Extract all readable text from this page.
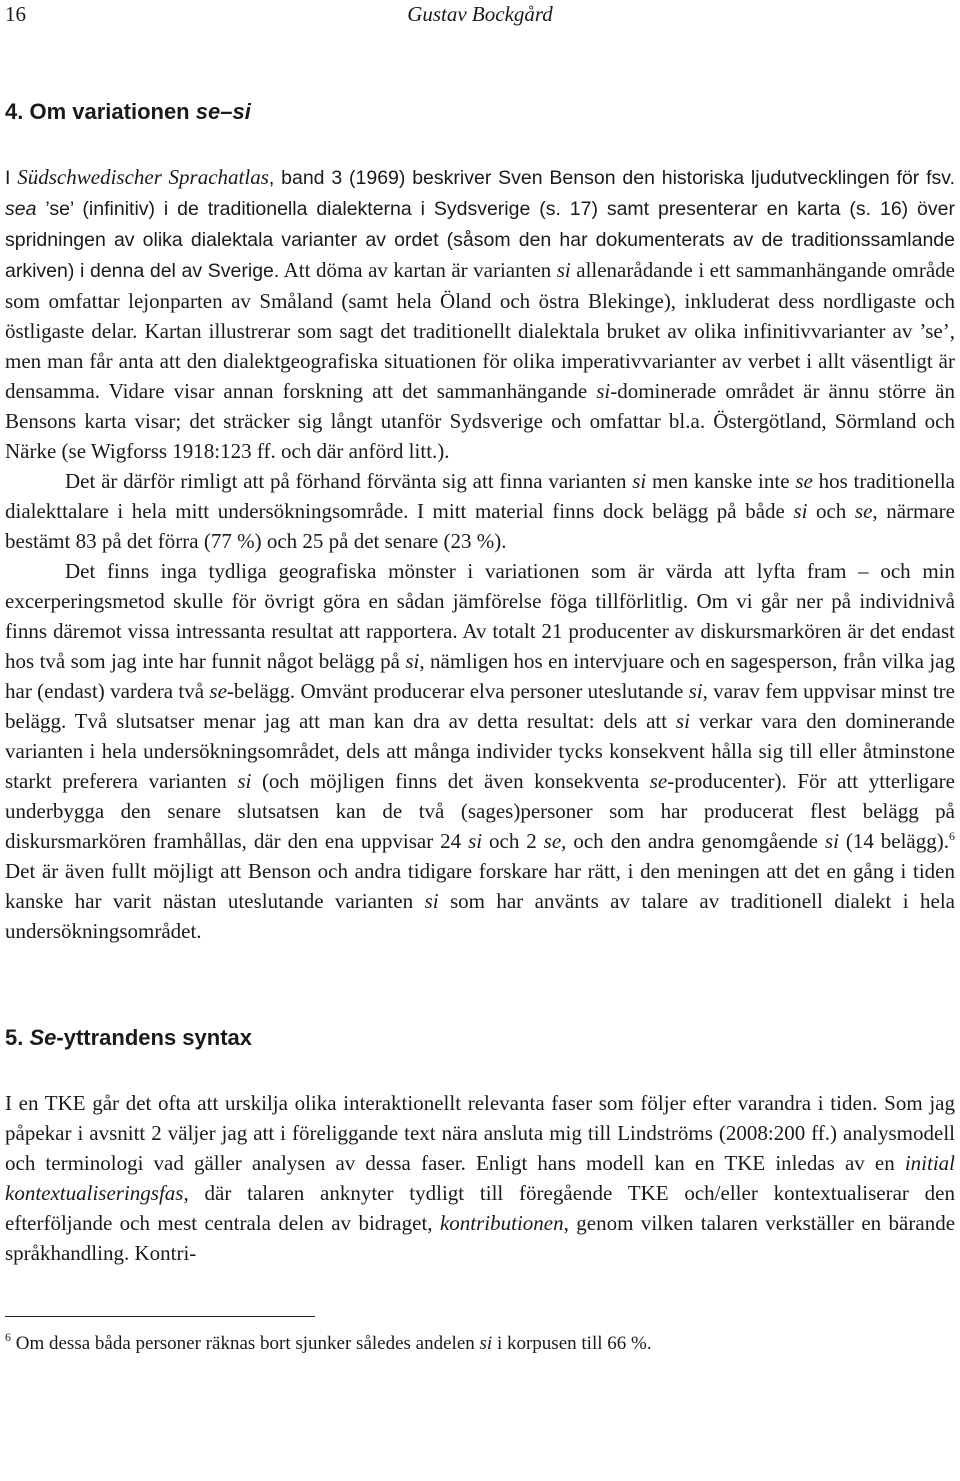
16	Gustav Bockgård
4. Om variationen se–si

I Südschwedischer Sprachatlas, band 3 (1969) beskriver Sven Benson den historiska ljudutvecklingen för fsv. sea ’se’ (infinitiv) i de traditionella dialekterna i Sydsverige (s. 17) samt presenterar en karta (s. 16) över spridningen av olika dialektala varianter av ordet (såsom den har dokumenterats av de traditionssamlande arkiven) i denna del av Sverige. Att döma av kartan är varianten si allenarådande i ett sammanhängande område som omfattar lejonparten av Småland (samt hela Öland och östra Blekinge), inkluderat dess nordligaste och östligaste delar. Kartan illustrerar som sagt det traditionellt dialektala bruket av olika infinitivvarianter av ’se’, men man får anta att den dialektgeografiska situationen för olika imperativvarianter av verbet i allt väsentligt är densamma. Vidare visar annan forskning att det sammanhängande si-dominerade området är ännu större än Bensons karta visar; det sträcker sig långt utanför Sydsverige och omfattar bl.a. Östergötland, Sörmland och Närke (se Wigforss 1918:123 ff. och där anförd litt.).

Det är därför rimligt att på förhand förvänta sig att finna varianten si men kanske inte se hos traditionella dialekttalare i hela mitt undersökningsområde. I mitt material finns dock belägg på både si och se, närmare bestämt 83 på det förra (77 %) och 25 på det senare (23 %).

Det finns inga tydliga geografiska mönster i variationen som är värda att lyfta fram – och min excerperingsmetod skulle för övrigt göra en sådan jämförelse föga tillförlitlig. Om vi går ner på individnivå finns däremot vissa intressanta resultat att rapportera. Av totalt 21 producenter av diskursmarkören är det endast hos två som jag inte har funnit något belägg på si, nämligen hos en intervjuare och en sagesperson, från vilka jag har (endast) vardera två se-belägg. Omvänt producerar elva personer uteslutande si, varav fem uppvisar minst tre belägg. Två slutsatser menar jag att man kan dra av detta resultat: dels att si verkar vara den dominerande varianten i hela undersökningsområdet, dels att många individer tycks konsekvent hålla sig till eller åtminstone starkt preferera varianten si (och möjligen finns det även konsekventa se-producenter). För att ytterligare underbygga den senare slutsatsen kan de två (sages)personer som har producerat flest belägg på diskursmarkören framhållas, där den ena uppvisar 24 si och 2 se, och den andra genomgående si (14 belägg).$^6$ Det är även fullt möjligt att Benson och andra tidigare forskare har rätt, i den meningen att det en gång i tiden kanske har varit nästan uteslutande varianten si som har använts av talare av traditionell dialekt i hela undersökningsområdet.

5. Se-yttrandens syntax

I en TKE går det ofta att urskilja olika interaktionellt relevanta faser som följer efter varandra i tiden. Som jag påpekar i avsnitt 2 väljer jag att i föreliggande text nära ansluta mig till Lindströms (2008:200 ff.) analysmodell och terminologi vad gäller analysen av dessa faser. Enligt hans modell kan en TKE inledas av en initial kontextualiseringsfas, där talaren anknyter tydligt till föregående TKE och/eller kontextualiserar den efterföljande och mest centrala delen av bidraget, kontributionen, genom vilken talaren verkställer en bärande språkhandling. Kontri-

$^6$ Om dessa båda personer räknas bort sjunker således andelen si i korpusen till 66 %.
